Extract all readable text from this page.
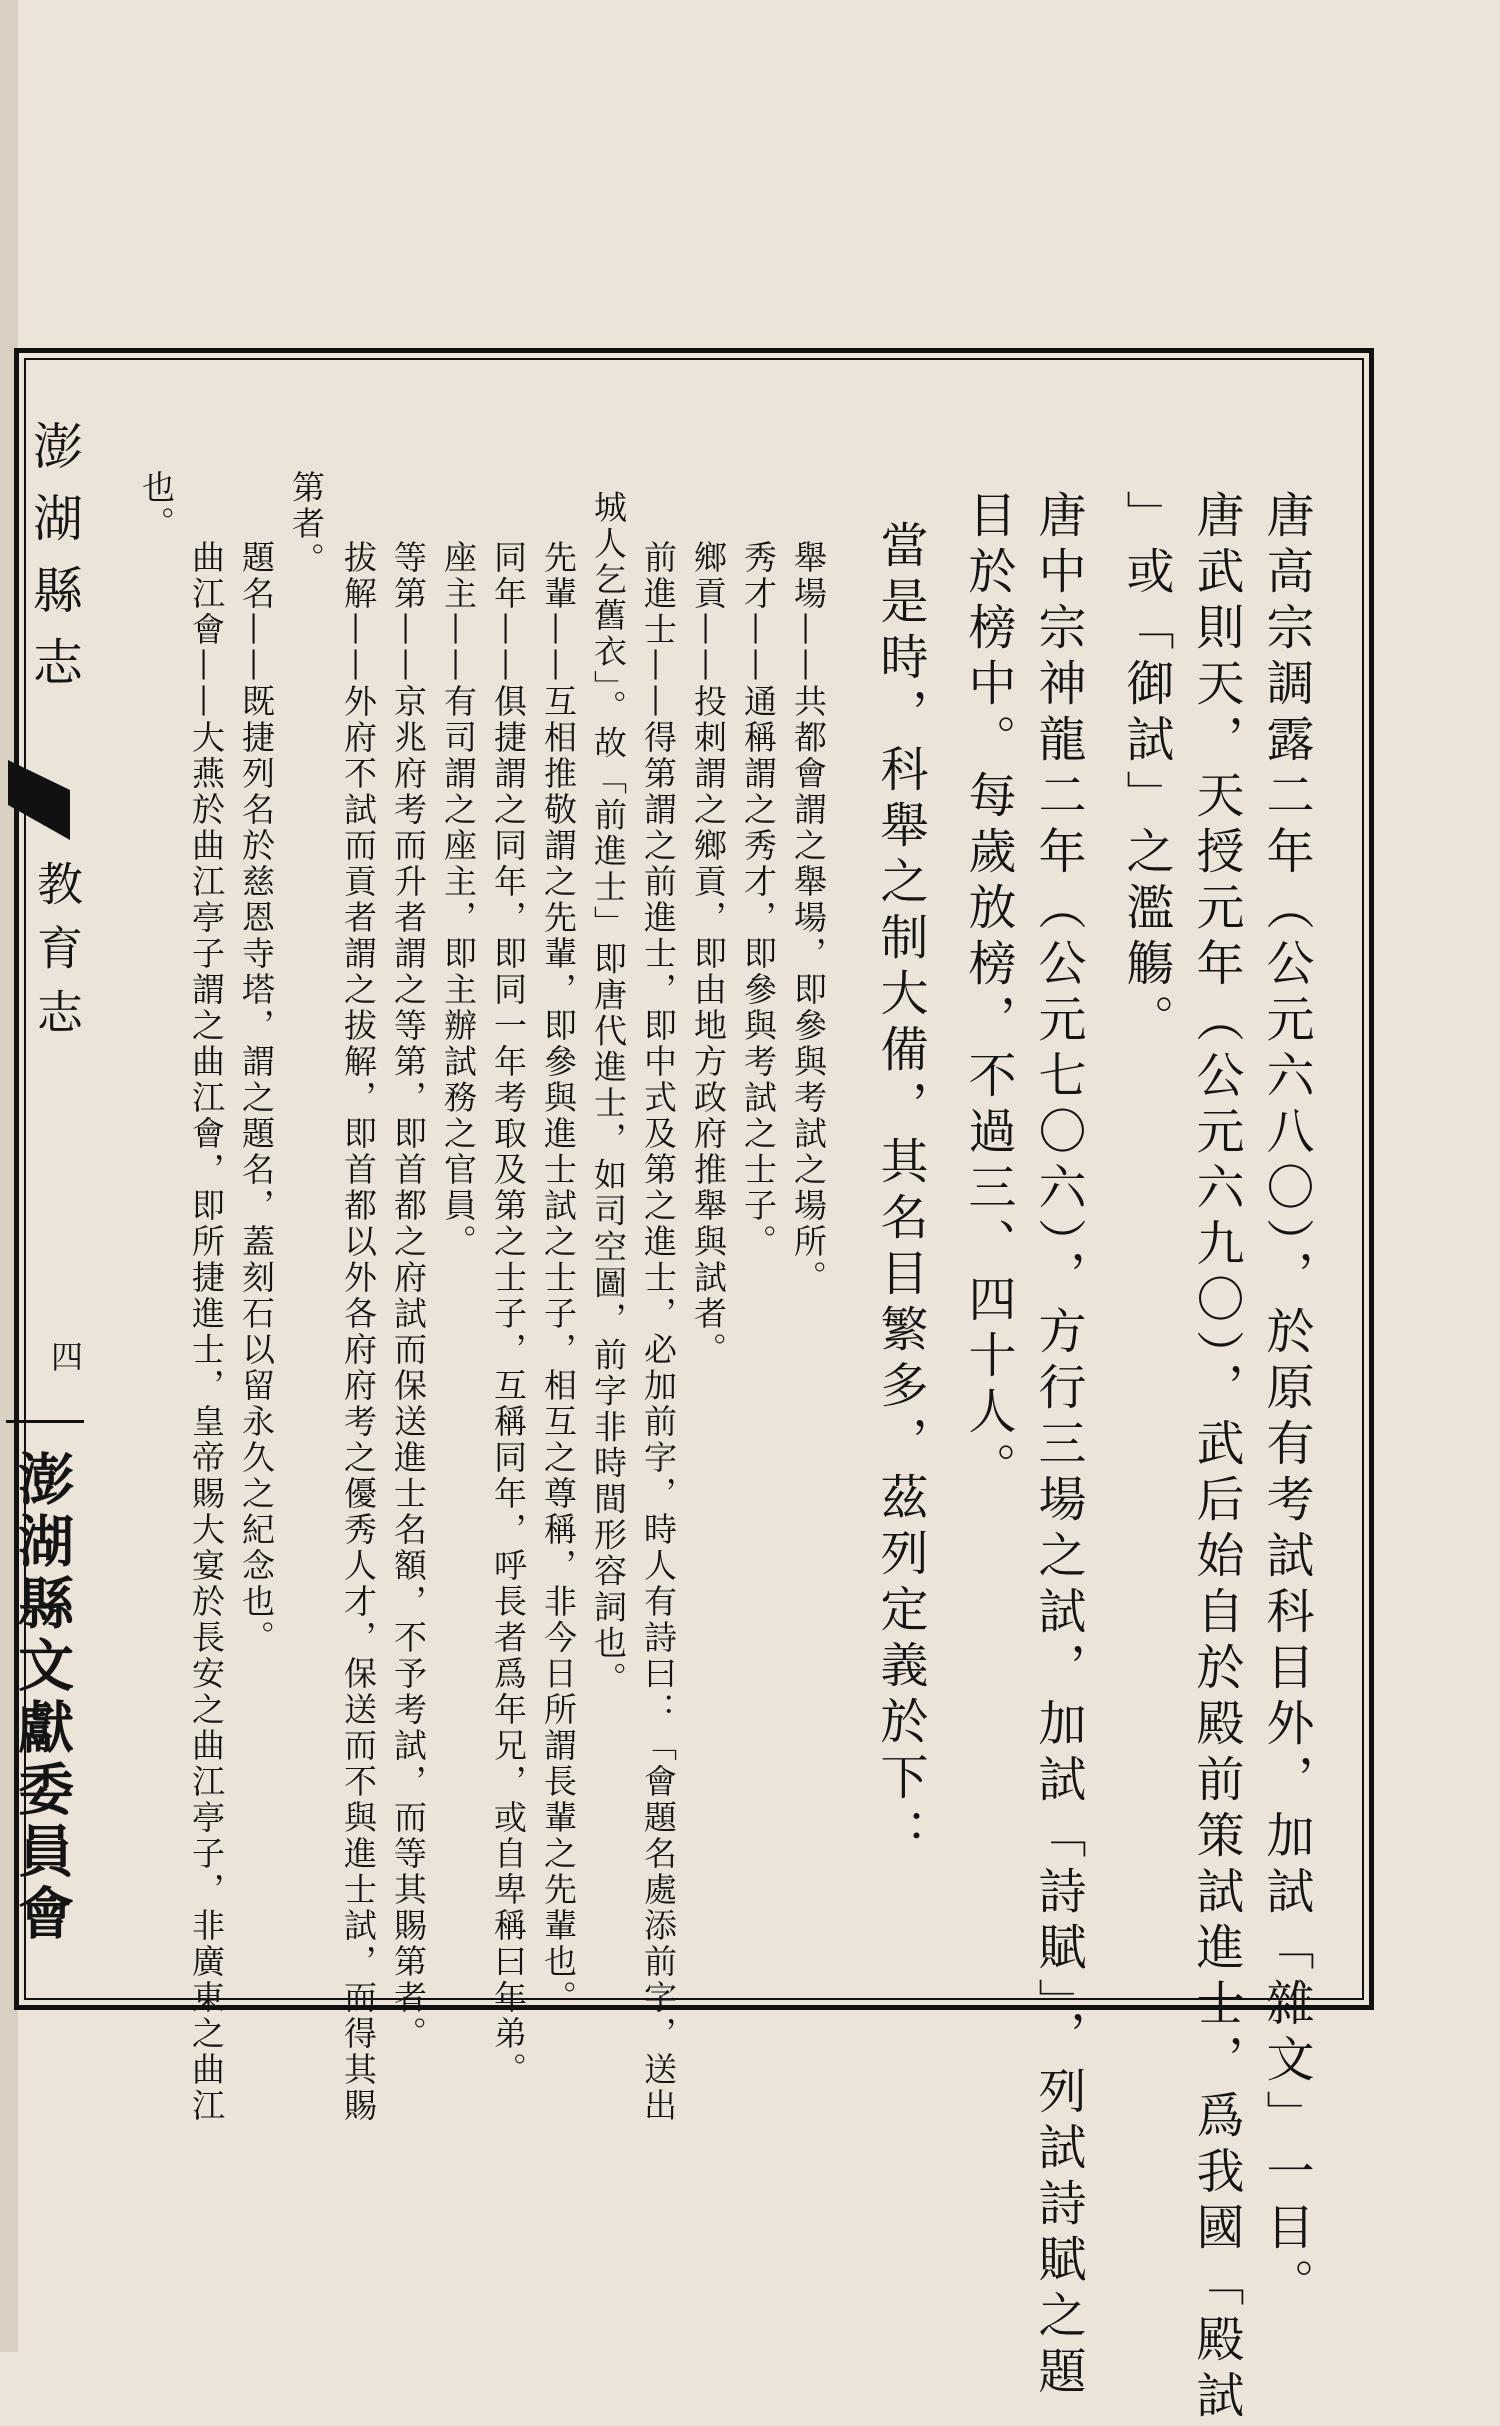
唐高宗調露二年（公元六八〇），於原有考試科目外，加試「雜文」一目。
唐武則天，天授元年（公元六九〇），武后始自於殿前策試進士，爲我國「殿試
」或「御試」之濫觴。
唐中宗神龍二年（公元七〇六），方行三場之試，加試「詩賦」，列試詩賦之題
目於榜中。每歲放榜，不過三、四十人。
當是時，科舉之制大備，其名目繁多，茲列定義於下：
舉場——共都會謂之舉場，即參與考試之場所。
秀才——通稱謂之秀才，即參與考試之士子。
鄉貢——投刺謂之鄉貢，即由地方政府推舉與試者。
前進士——得第謂之前進士，即中式及第之進士，必加前字，時人有詩曰：「會題名處添前字，送出
城人乞舊衣」。故「前進士」即唐代進士，如司空圖，前字非時間形容詞也。
先輩——互相推敬謂之先輩，即參與進士試之士子，相互之尊稱，非今日所謂長輩之先輩也。
同年——俱捷謂之同年，即同一年考取及第之士子，互稱同年，呼長者爲年兄，或自卑稱曰年弟。
座主——有司謂之座主，即主辦試務之官員。
等第——京兆府考而升者謂之等第，即首都之府試而保送進士名額，不予考試，而等其賜第者。
拔解——外府不試而貢者謂之拔解，即首都以外各府府考之優秀人才，保送而不與進士試，而得其賜
第者。
題名——既捷列名於慈恩寺塔，謂之題名，蓋刻石以留永久之紀念也。
曲江會——大燕於曲江亭子謂之曲江會，即所捷進士，皇帝賜大宴於長安之曲江亭子，非廣東之曲江
也。
澎湖縣志
教育志
四
澎湖縣文獻委員會
